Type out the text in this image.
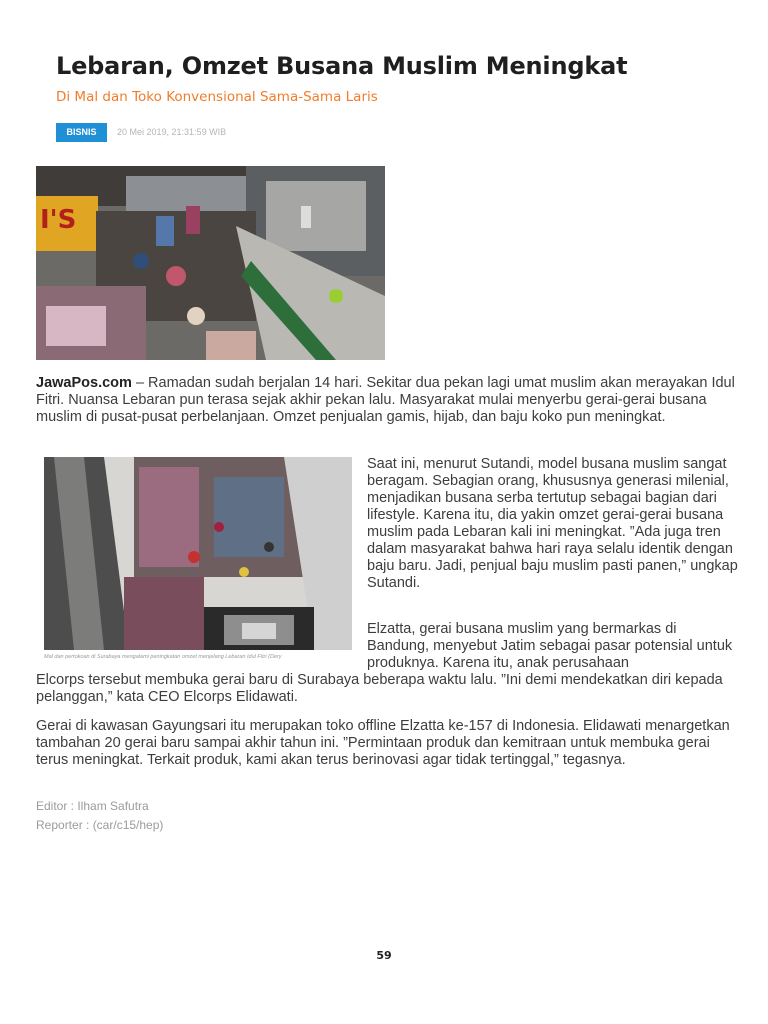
Lebaran, Omzet Busana Muslim Meningkat
Di Mal dan Toko Konvensional Sama-Sama Laris
BISNIS	20 Mei 2019, 21:31:59 WIB
I'S

JawaPos.com – Ramadan sudah berjalan 14 hari. Sekitar dua pekan lagi umat muslim akan merayakan Idul Fitri. Nuansa Lebaran pun terasa sejak akhir pekan lalu. Masyarakat mulai menyerbu gerai-gerai busana muslim di pusat-pusat perbelanjaan. Omzet penjualan gamis, hijab, dan baju koko pun meningkat.

Mal dan pertokoan di Surabaya mengalami peningkatan omzet menjelang Lebaran Idul Fitri (Dery

Saat ini, menurut Sutandi, model busana muslim sangat beragam. Sebagian orang, khususnya generasi milenial, menjadikan busana serba tertutup sebagai bagian dari lifestyle. Karena itu, dia yakin omzet gerai-gerai busana muslim pada Lebaran kali ini meningkat. ”Ada juga tren dalam masyarakat bahwa hari raya selalu identik dengan baju baru. Jadi, penjual baju muslim pasti panen,” ungkap Sutandi.

Elzatta, gerai busana muslim yang bermarkas di Bandung, menyebut Jatim sebagai pasar potensial untuk produknya. Karena itu, anak perusahaan

Elcorps tersebut membuka gerai baru di Surabaya beberapa waktu lalu. ”Ini demi mendekatkan diri kepada pelanggan,” kata CEO Elcorps Elidawati.

Gerai di kawasan Gayungsari itu merupakan toko offline Elzatta ke-157 di Indonesia. Elidawati menargetkan tambahan 20 gerai baru sampai akhir tahun ini. ”Permintaan produk dan kemitraan untuk membuka gerai terus meningkat. Terkait produk, kami akan terus berinovasi agar tidak tertinggal,” tegasnya.

Editor : Ilham Safutra
Reporter : (car/c15/hep)
59
